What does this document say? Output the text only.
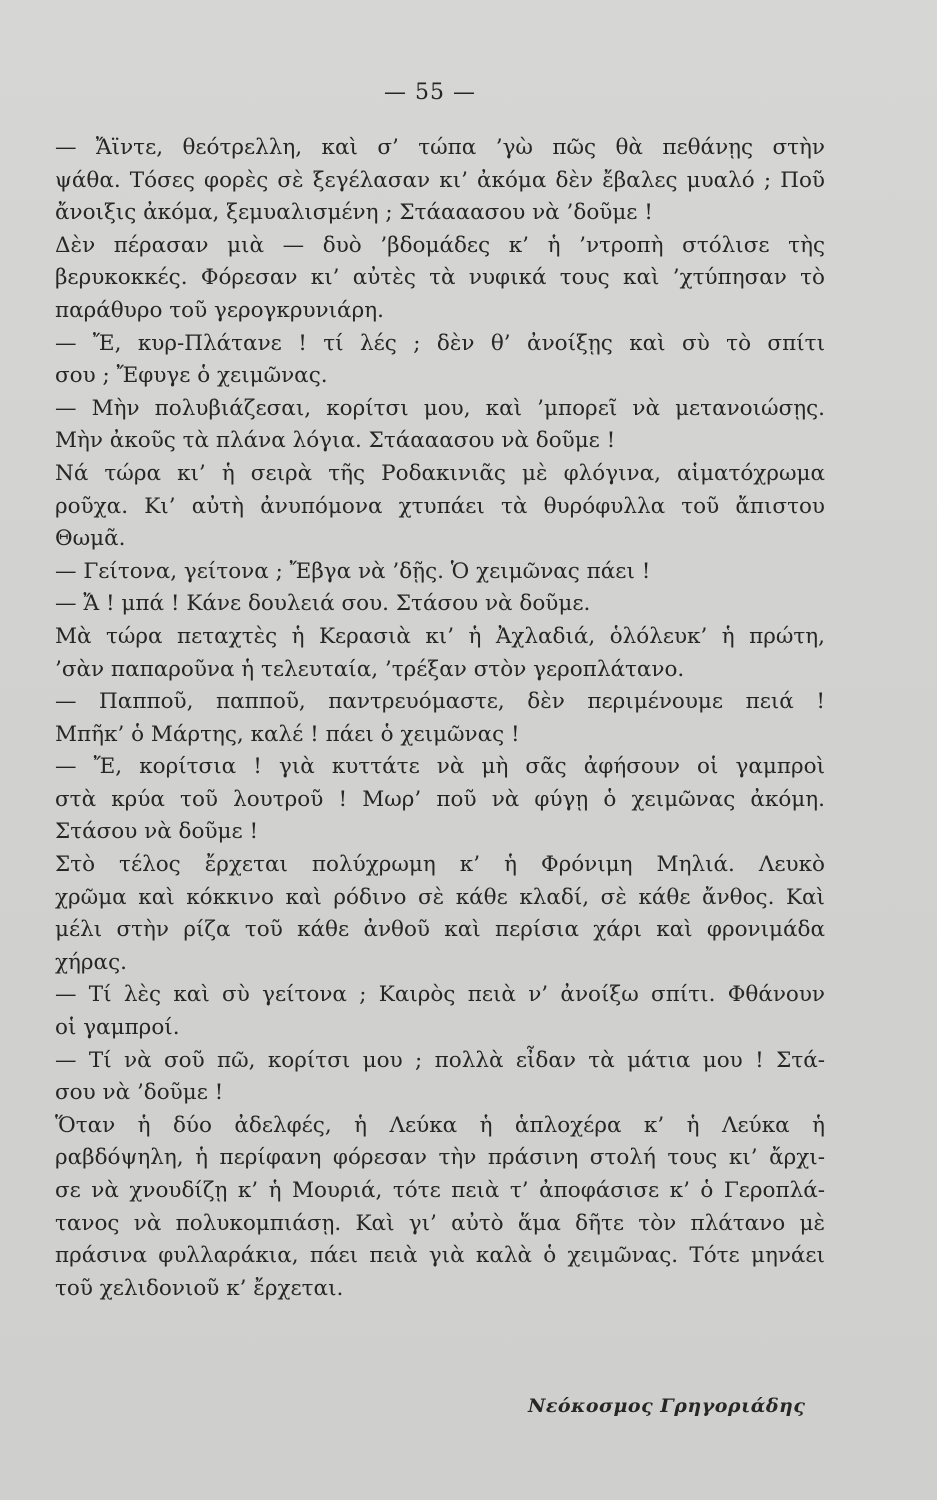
— 55 —
— Ἄϊντε, θεότρελλη, καὶ σ’ τώπα ’γὼ πῶς θὰ πεθάνῃς στὴν
ψάθα. Τόσες φορὲς σὲ ξεγέλασαν κι’ ἀκόμα δὲν ἔβαλες μυαλό ; Ποῦ
ἄνοιξις ἀκόμα, ξεμυαλισμένη ; Στάααασου νὰ ’δοῦμε !
Δὲν πέρασαν μιὰ — δυὸ ’βδομάδες κ’ ἡ ’ντροπὴ στόλισε τὴς
βερυκοκκές. Φόρεσαν κι’ αὐτὲς τὰ νυφικά τους καὶ ’χτύπησαν τὸ
παράθυρο τοῦ γερογκρυνιάρη.
— Ἔ, κυρ-Πλάτανε ! τί λές ; δὲν θ’ ἀνοίξῃς καὶ σὺ τὸ σπίτι
σου ; Ἔφυγε ὁ χειμῶνας.
— Μὴν πολυβιάζεσαι, κορίτσι μου, καὶ ’μπορεῖ νὰ μετανοιώσῃς.
Μὴν ἀκοῦς τὰ πλάνα λόγια. Στάααασου νὰ δοῦμε !
Νά τώρα κι’ ἡ σειρὰ τῆς Ροδακινιᾶς μὲ φλόγινα, αἱματόχρωμα
ροῦχα. Κι’ αὐτὴ ἀνυπόμονα χτυπάει τὰ θυρόφυλλα τοῦ ἄπιστου
Θωμᾶ.
— Γείτονα, γείτονα ; Ἔβγα νὰ ’δῇς. Ὁ χειμῶνας πάει !
— Ἄ ! μπά ! Κάνε δουλειά σου. Στάσου νὰ δοῦμε.
Μὰ τώρα πεταχτὲς ἡ Κερασιὰ κι’ ἡ Ἀχλαδιά, ὁλόλευκ’ ἡ πρώτη,
’σὰν παπαροῦνα ἡ τελευταία, ’τρέξαν στὸν γεροπλάτανο.
— Παπποῦ, παπποῦ, παντρευόμαστε, δὲν περιμένουμε πειά !
Μπῆκ’ ὁ Μάρτης, καλέ ! πάει ὁ χειμῶνας !
— Ἔ, κορίτσια ! γιὰ κυττάτε νὰ μὴ σᾶς ἀφήσουν οἱ γαμπροὶ
στὰ κρύα τοῦ λουτροῦ ! Μωρ’ ποῦ νὰ φύγῃ ὁ χειμῶνας ἀκόμη.
Στάσου νὰ δοῦμε !
Στὸ τέλος ἔρχεται πολύχρωμη κ’ ἡ Φρόνιμη Μηλιά. Λευκὸ
χρῶμα καὶ κόκκινο καὶ ρόδινο σὲ κάθε κλαδί, σὲ κάθε ἄνθος. Καὶ
μέλι στὴν ρίζα τοῦ κάθε ἀνθοῦ καὶ περίσια χάρι καὶ φρονιμάδα
χήρας.
— Τί λὲς καὶ σὺ γείτονα ; Καιρὸς πειὰ ν’ ἀνοίξω σπίτι. Φθάνουν
οἱ γαμπροί.
— Τί νὰ σοῦ πῶ, κορίτσι μου ; πολλὰ εἶδαν τὰ μάτια μου ! Στά-
σου νὰ ’δοῦμε !
Ὅταν ἡ δύο ἀδελφές, ἡ Λεύκα ἡ ἁπλοχέρα κ’ ἡ Λεύκα ἡ
ραβδόψηλη, ἡ περίφανη φόρεσαν τὴν πράσινη στολή τους κι’ ἄρχι-
σε νὰ χνουδίζῃ κ’ ἡ Μουριά, τότε πειὰ τ’ ἀποφάσισε κ’ ὁ Γεροπλά-
τανος νὰ πολυκομπιάσῃ. Καὶ γι’ αὐτὸ ἅμα δῆτε τὸν πλάτανο μὲ
πράσινα φυλλαράκια, πάει πειὰ γιὰ καλὰ ὁ χειμῶνας. Τότε μηνάει
τοῦ χελιδονιοῦ κ’ ἔρχεται.
Νεόκοσμος Γρηγοριάδης
